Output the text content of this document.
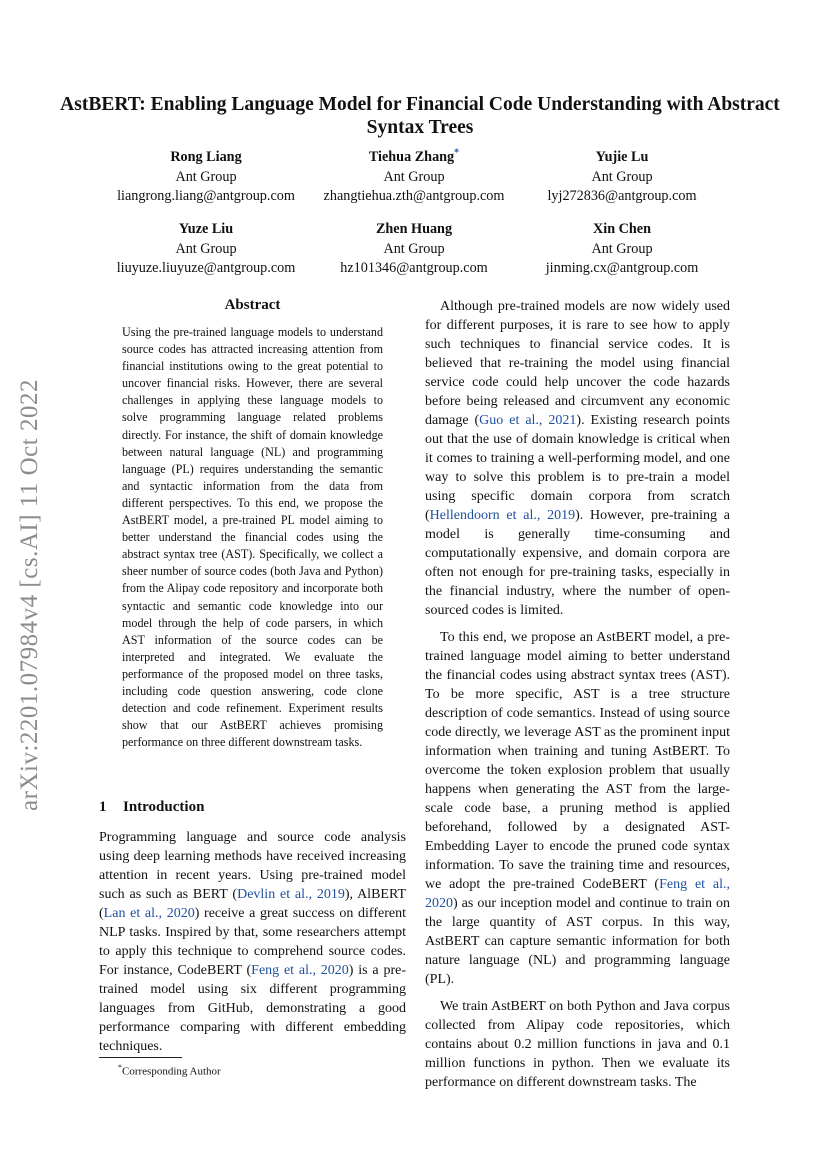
arXiv:2201.07984v4 [cs.AI] 11 Oct 2022
AstBERT: Enabling Language Model for Financial Code Understanding with Abstract Syntax Trees
Rong Liang
Ant Group
liangrong.liang@antgroup.com
Tiehua Zhang*
Ant Group
zhangtiehua.zth@antgroup.com
Yujie Lu
Ant Group
lyj272836@antgroup.com
Yuze Liu
Ant Group
liuyuze.liuyuze@antgroup.com
Zhen Huang
Ant Group
hz101346@antgroup.com
Xin Chen
Ant Group
jinming.cx@antgroup.com
Abstract
Using the pre-trained language models to understand source codes has attracted increasing attention from financial institutions owing to the great potential to uncover financial risks. However, there are several challenges in applying these language models to solve programming language related problems directly. For instance, the shift of domain knowledge between natural language (NL) and programming language (PL) requires understanding the semantic and syntactic information from the data from different perspectives. To this end, we propose the AstBERT model, a pre-trained PL model aiming to better understand the financial codes using the abstract syntax tree (AST). Specifically, we collect a sheer number of source codes (both Java and Python) from the Alipay code repository and incorporate both syntactic and semantic code knowledge into our model through the help of code parsers, in which AST information of the source codes can be interpreted and integrated. We evaluate the performance of the proposed model on three tasks, including code question answering, code clone detection and code refinement. Experiment results show that our AstBERT achieves promising performance on three different downstream tasks.
1 Introduction

Programming language and source code analysis using deep learning methods have received increasing attention in recent years. Using pre-trained model such as such as BERT (Devlin et al., 2019), AlBERT (Lan et al., 2020) receive a great success on different NLP tasks. Inspired by that, some researchers attempt to apply this technique to comprehend source codes. For instance, CodeBERT (Feng et al., 2020) is a pre-trained model using six different programming languages from GitHub, demonstrating a good performance comparing with different embedding techniques.

*Corresponding Author

Although pre-trained models are now widely used for different purposes, it is rare to see how to apply such techniques to financial service codes. It is believed that re-training the model using financial service code could help uncover the code hazards before being released and circumvent any economic damage (Guo et al., 2021). Existing research points out that the use of domain knowledge is critical when it comes to training a well-performing model, and one way to solve this problem is to pre-train a model using specific domain corpora from scratch (Hellendoorn et al., 2019). However, pre-training a model is generally time-consuming and computationally expensive, and domain corpora are often not enough for pre-training tasks, especially in the financial industry, where the number of open-sourced codes is limited.

To this end, we propose an AstBERT model, a pre-trained language model aiming to better understand the financial codes using abstract syntax trees (AST). To be more specific, AST is a tree structure description of code semantics. Instead of using source code directly, we leverage AST as the prominent input information when training and tuning AstBERT. To overcome the token explosion problem that usually happens when generating the AST from the large-scale code base, a pruning method is applied beforehand, followed by a designated AST-Embedding Layer to encode the pruned code syntax information. To save the training time and resources, we adopt the pre-trained CodeBERT (Feng et al., 2020) as our inception model and continue to train on the large quantity of AST corpus. In this way, AstBERT can capture semantic information for both nature language (NL) and programming language (PL).

We train AstBERT on both Python and Java corpus collected from Alipay code repositories, which contains about 0.2 million functions in java and 0.1 million functions in python. Then we evaluate its performance on different downstream tasks. The
